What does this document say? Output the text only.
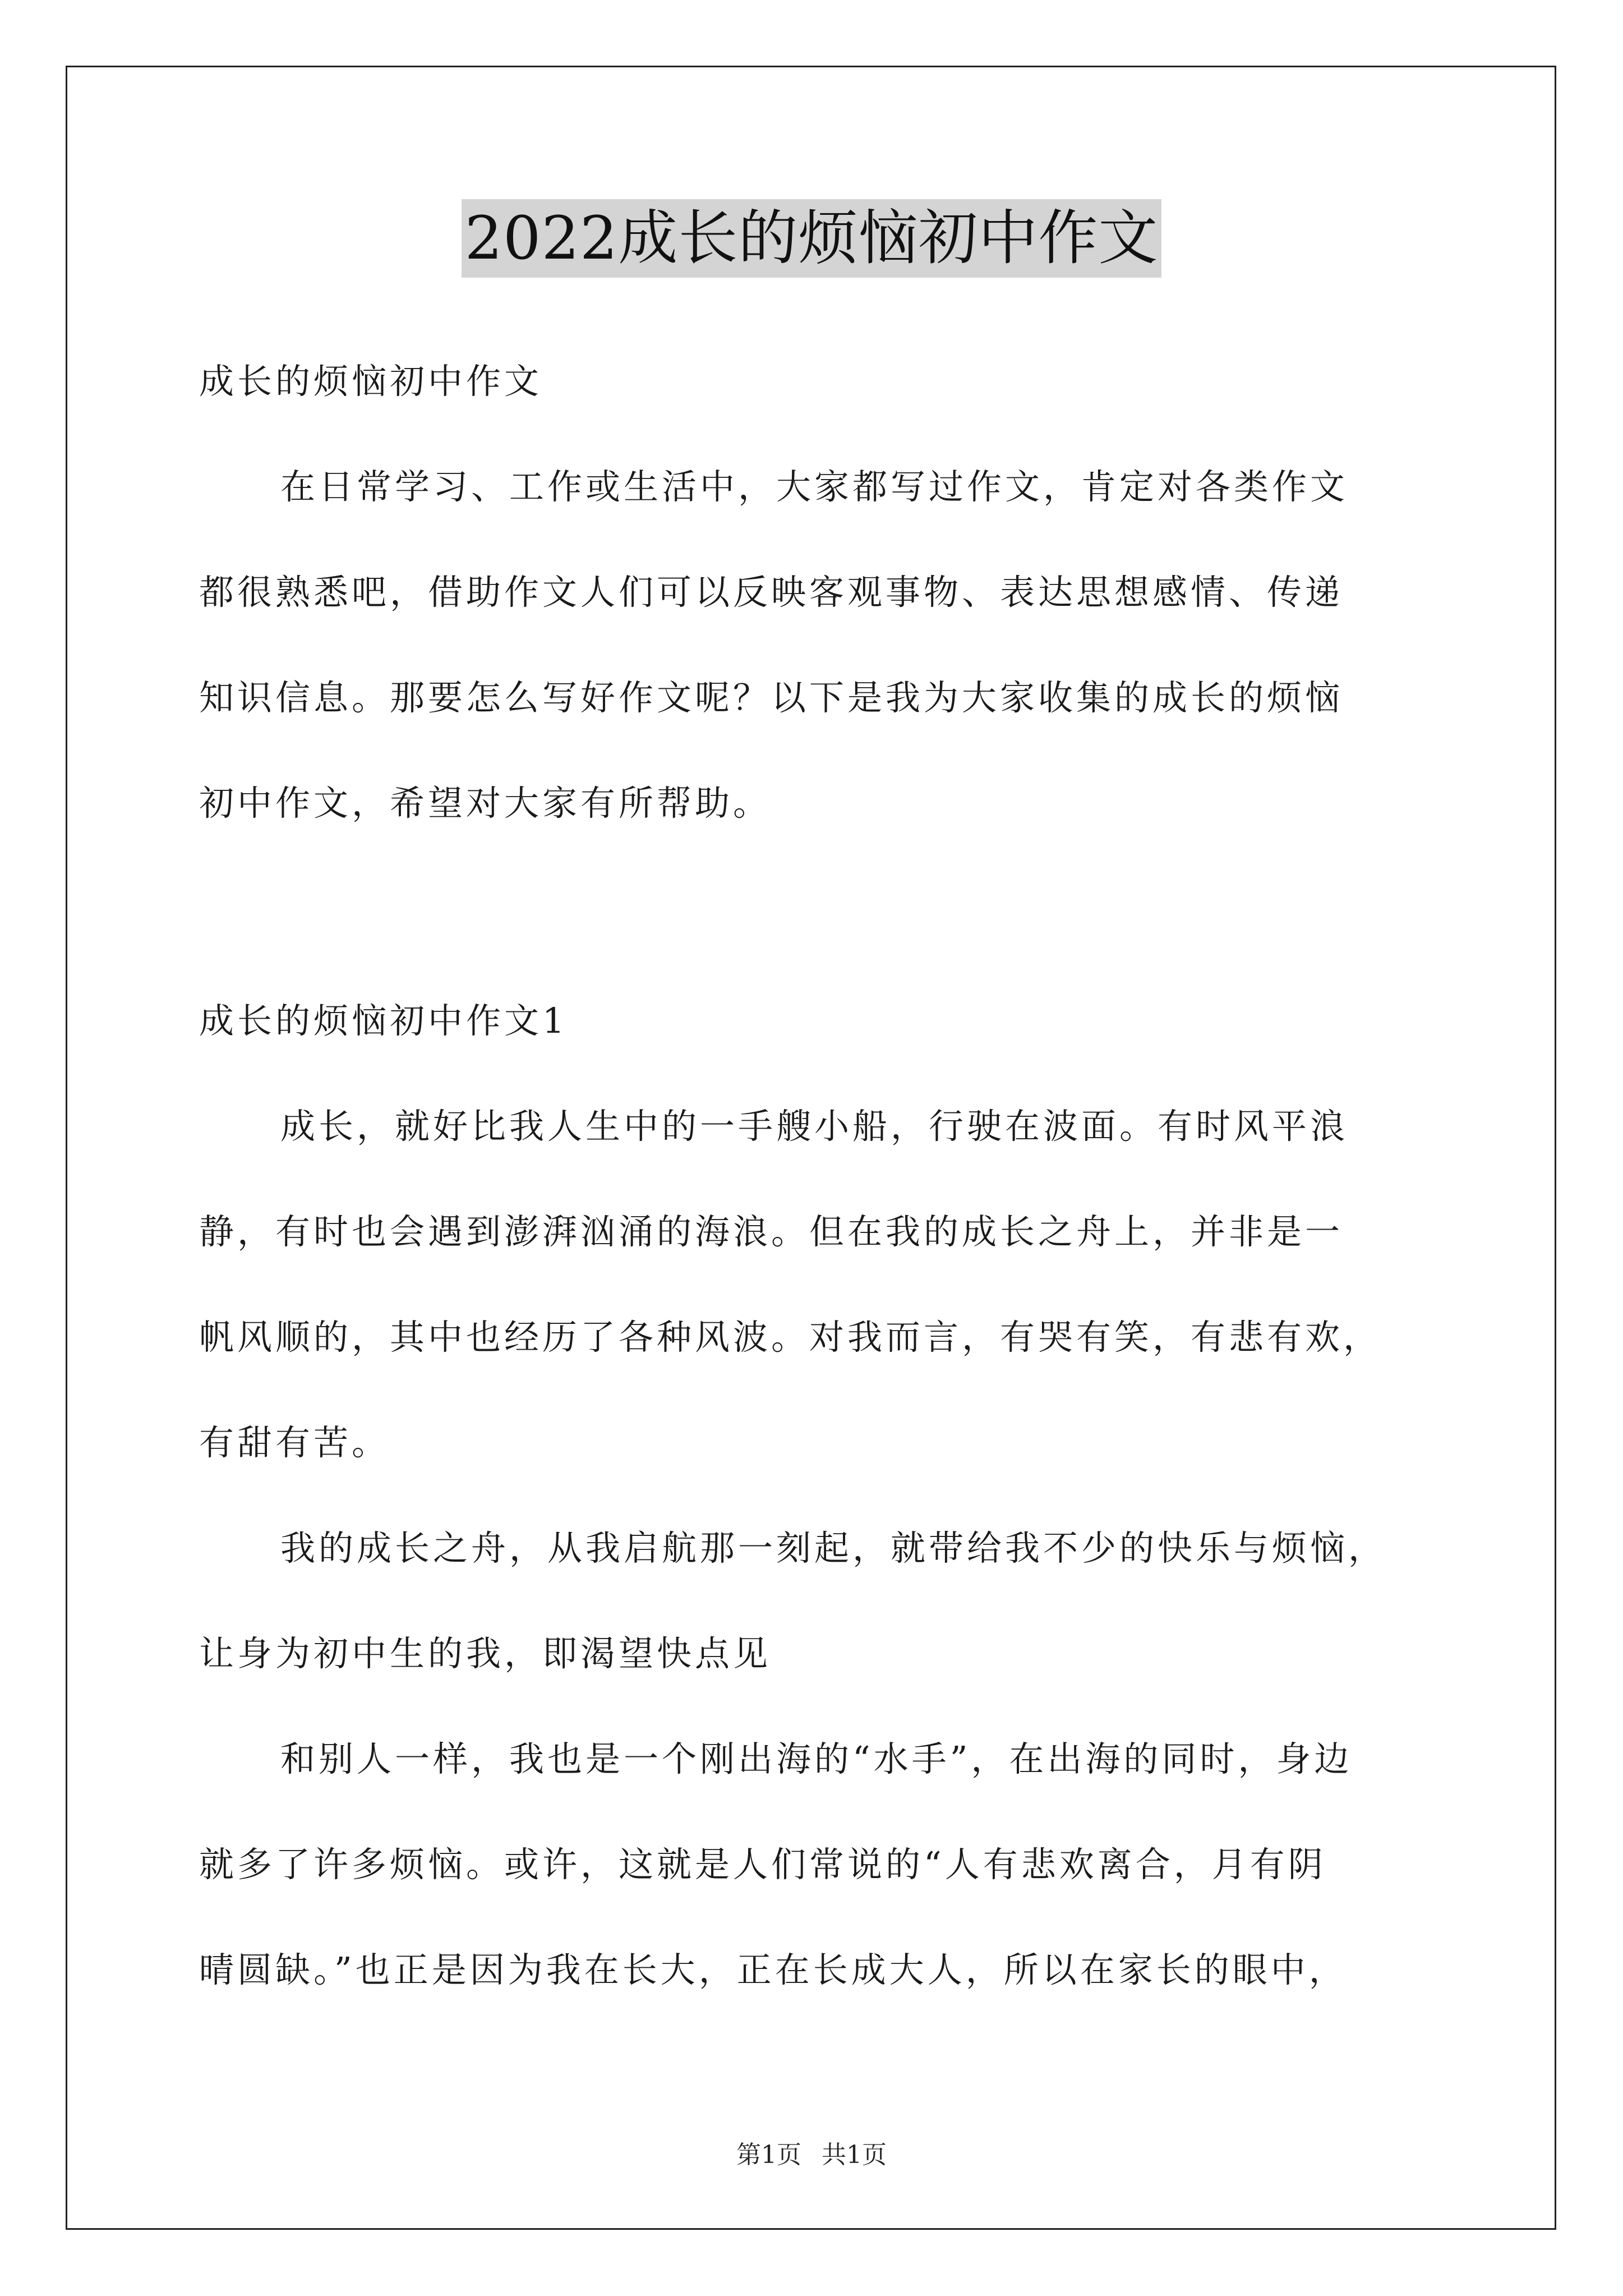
2022成长的烦恼初中作文
成长的烦恼初中作文
在日常学习、工作或生活中，大家都写过作文，肯定对各类作文
都很熟悉吧，借助作文人们可以反映客观事物、表达思想感情、传递
知识信息。那要怎么写好作文呢？以下是我为大家收集的成长的烦恼
初中作文，希望对大家有所帮助。
成长的烦恼初中作文1
成长，就好比我人生中的一手艘小船，行驶在波面。有时风平浪
静，有时也会遇到澎湃汹涌的海浪。但在我的成长之舟上，并非是一
帆风顺的，其中也经历了各种风波。对我而言，有哭有笑，有悲有欢，
有甜有苦。
我的成长之舟，从我启航那一刻起，就带给我不少的快乐与烦恼，
让身为初中生的我，即渴望快点见
和别人一样，我也是一个刚出海的“水手”，在出海的同时，身边
就多了许多烦恼。或许，这就是人们常说的“人有悲欢离合，月有阴
晴圆缺。”也正是因为我在长大，正在长成大人，所以在家长的眼中，
第1页 共1页
